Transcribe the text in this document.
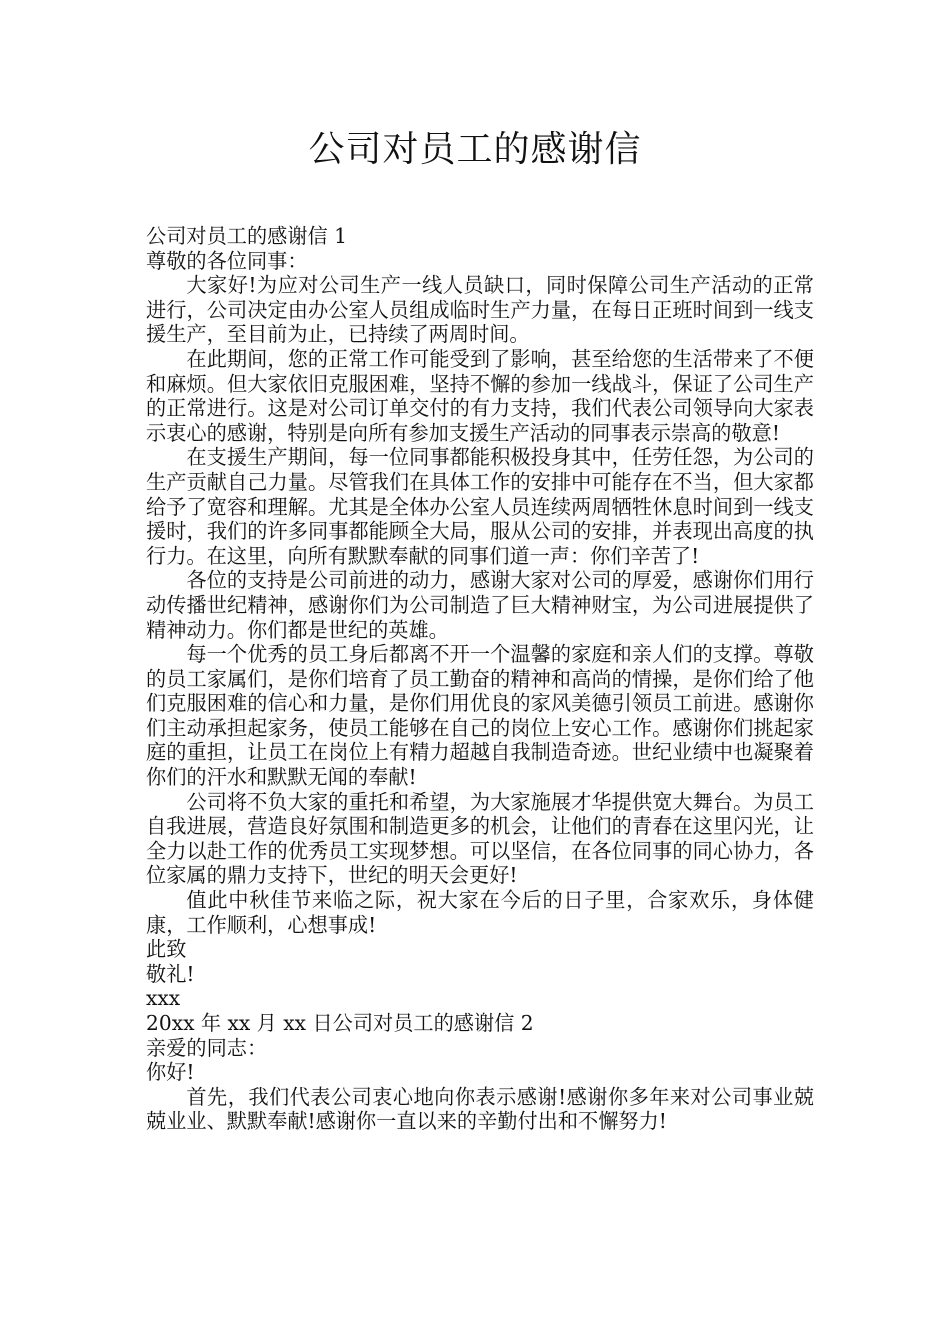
公司对员工的感谢信

公司对员工的感谢信 1

尊敬的各位同事：

大家好!为应对公司生产一线人员缺口，同时保障公司生产活动的正常进行，公司决定由办公室人员组成临时生产力量，在每日正班时间到一线支援生产，至目前为止，已持续了两周时间。

在此期间，您的正常工作可能受到了影响，甚至给您的生活带来了不便和麻烦。但大家依旧克服困难，坚持不懈的参加一线战斗，保证了公司生产的正常进行。这是对公司订单交付的有力支持，我们代表公司领导向大家表示衷心的感谢，特别是向所有参加支援生产活动的同事表示崇高的敬意!

在支援生产期间，每一位同事都能积极投身其中，任劳任怨，为公司的生产贡献自己力量。尽管我们在具体工作的安排中可能存在不当，但大家都给予了宽容和理解。尤其是全体办公室人员连续两周牺牲休息时间到一线支援时，我们的许多同事都能顾全大局，服从公司的安排，并表现出高度的执行力。在这里，向所有默默奉献的同事们道一声：你们辛苦了!

各位的支持是公司前进的动力，感谢大家对公司的厚爱，感谢你们用行动传播世纪精神，感谢你们为公司制造了巨大精神财宝，为公司进展提供了精神动力。你们都是世纪的英雄。

每一个优秀的员工身后都离不开一个温馨的家庭和亲人们的支撑。尊敬的员工家属们，是你们培育了员工勤奋的精神和高尚的情操，是你们给了他们克服困难的信心和力量，是你们用优良的家风美德引领员工前进。感谢你们主动承担起家务，使员工能够在自己的岗位上安心工作。感谢你们挑起家庭的重担，让员工在岗位上有精力超越自我制造奇迹。世纪业绩中也凝聚着你们的汗水和默默无闻的奉献!

公司将不负大家的重托和希望，为大家施展才华提供宽大舞台。为员工自我进展，营造良好氛围和制造更多的机会，让他们的青春在这里闪光，让全力以赴工作的优秀员工实现梦想。可以坚信，在各位同事的同心协力，各位家属的鼎力支持下，世纪的明天会更好!

值此中秋佳节来临之际，祝大家在今后的日子里，合家欢乐，身体健康，工作顺利，心想事成!

此致

敬礼!

xxx

20xx 年 xx 月 xx 日公司对员工的感谢信 2

亲爱的同志：

你好!

首先，我们代表公司衷心地向你表示感谢!感谢你多年来对公司事业兢兢业业、默默奉献!感谢你一直以来的辛勤付出和不懈努力!
